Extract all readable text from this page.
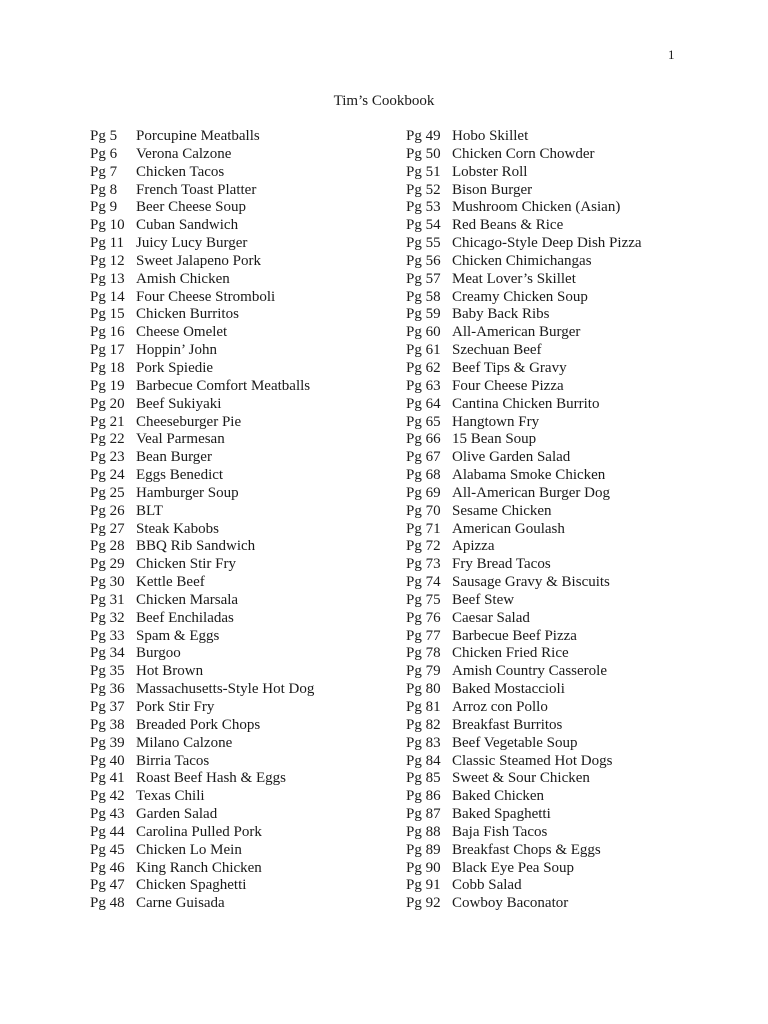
1
Tim’s Cookbook
Pg 5 Porcupine Meatballs
Pg 6 Verona Calzone
Pg 7 Chicken Tacos
Pg 8 French Toast Platter
Pg 9 Beer Cheese Soup
Pg 10 Cuban Sandwich
Pg 11 Juicy Lucy Burger
Pg 12 Sweet Jalapeno Pork
Pg 13 Amish Chicken
Pg 14 Four Cheese Stromboli
Pg 15 Chicken Burritos
Pg 16 Cheese Omelet
Pg 17 Hoppin’ John
Pg 18 Pork Spiedie
Pg 19 Barbecue Comfort Meatballs
Pg 20 Beef Sukiyaki
Pg 21 Cheeseburger Pie
Pg 22 Veal Parmesan
Pg 23 Bean Burger
Pg 24 Eggs Benedict
Pg 25 Hamburger Soup
Pg 26 BLT
Pg 27 Steak Kabobs
Pg 28 BBQ Rib Sandwich
Pg 29 Chicken Stir Fry
Pg 30 Kettle Beef
Pg 31 Chicken Marsala
Pg 32 Beef Enchiladas
Pg 33 Spam & Eggs
Pg 34 Burgoo
Pg 35 Hot Brown
Pg 36 Massachusetts-Style Hot Dog
Pg 37 Pork Stir Fry
Pg 38 Breaded Pork Chops
Pg 39 Milano Calzone
Pg 40 Birria Tacos
Pg 41 Roast Beef Hash & Eggs
Pg 42 Texas Chili
Pg 43 Garden Salad
Pg 44 Carolina Pulled Pork
Pg 45 Chicken Lo Mein
Pg 46 King Ranch Chicken
Pg 47 Chicken Spaghetti
Pg 48 Carne Guisada
Pg 49 Hobo Skillet
Pg 50 Chicken Corn Chowder
Pg 51 Lobster Roll
Pg 52 Bison Burger
Pg 53 Mushroom Chicken (Asian)
Pg 54 Red Beans & Rice
Pg 55 Chicago-Style Deep Dish Pizza
Pg 56 Chicken Chimichangas
Pg 57 Meat Lover’s Skillet
Pg 58 Creamy Chicken Soup
Pg 59 Baby Back Ribs
Pg 60 All-American Burger
Pg 61 Szechuan Beef
Pg 62 Beef Tips & Gravy
Pg 63 Four Cheese Pizza
Pg 64 Cantina Chicken Burrito
Pg 65 Hangtown Fry
Pg 66 15 Bean Soup
Pg 67 Olive Garden Salad
Pg 68 Alabama Smoke Chicken
Pg 69 All-American Burger Dog
Pg 70 Sesame Chicken
Pg 71 American Goulash
Pg 72 Apizza
Pg 73 Fry Bread Tacos
Pg 74 Sausage Gravy & Biscuits
Pg 75 Beef Stew
Pg 76 Caesar Salad
Pg 77 Barbecue Beef Pizza
Pg 78 Chicken Fried Rice
Pg 79 Amish Country Casserole
Pg 80 Baked Mostaccioli
Pg 81 Arroz con Pollo
Pg 82 Breakfast Burritos
Pg 83 Beef Vegetable Soup
Pg 84 Classic Steamed Hot Dogs
Pg 85 Sweet & Sour Chicken
Pg 86 Baked Chicken
Pg 87 Baked Spaghetti
Pg 88 Baja Fish Tacos
Pg 89 Breakfast Chops & Eggs
Pg 90 Black Eye Pea Soup
Pg 91 Cobb Salad
Pg 92 Cowboy Baconator
